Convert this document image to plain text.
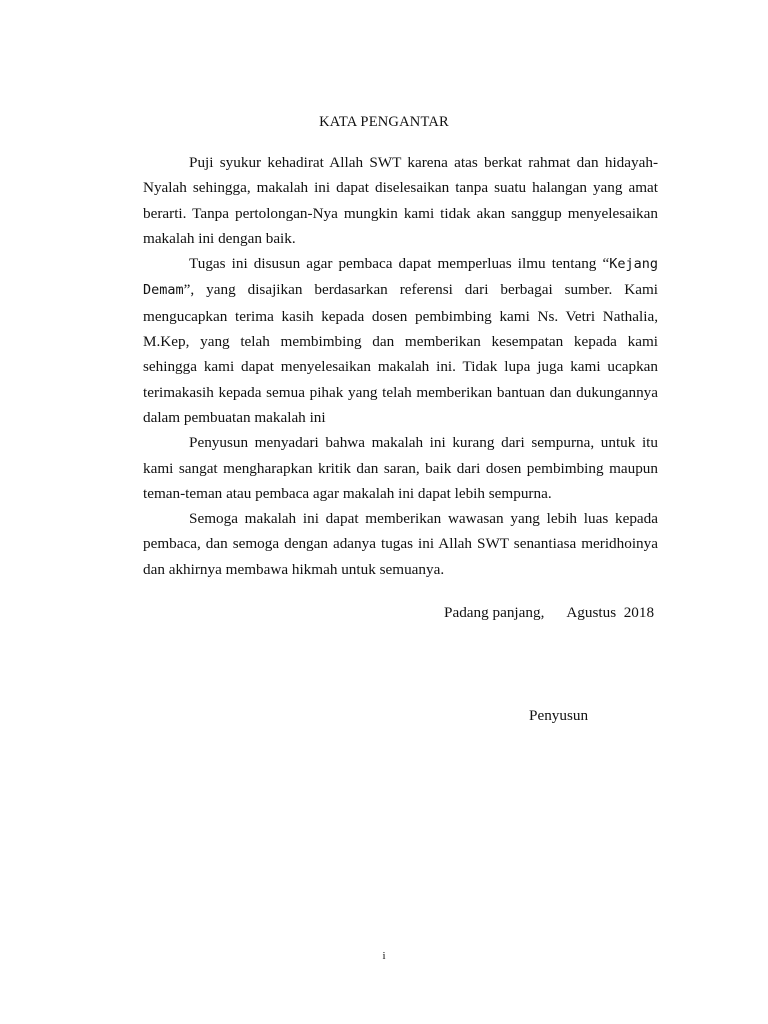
KATA PENGANTAR

Puji syukur kehadirat Allah SWT karena atas berkat rahmat dan hidayah-Nyalah sehingga, makalah ini dapat diselesaikan tanpa suatu halangan yang amat berarti. Tanpa pertolongan-Nya mungkin kami tidak akan sanggup menyelesaikan makalah ini dengan baik.

Tugas ini disusun agar pembaca dapat memperluas ilmu tentang “Kejang Demam”, yang disajikan berdasarkan referensi dari berbagai sumber. Kami mengucapkan terima kasih kepada dosen pembimbing kami Ns. Vetri Nathalia, M.Kep, yang telah membimbing dan memberikan kesempatan kepada kami sehingga kami dapat menyelesaikan makalah ini. Tidak lupa juga kami ucapkan terimakasih kepada semua pihak yang telah memberikan bantuan dan dukungannya dalam pembuatan makalah ini

Penyusun menyadari bahwa makalah ini kurang dari sempurna, untuk itu kami sangat mengharapkan kritik dan saran, baik dari dosen pembimbing maupun teman-teman atau pembaca agar makalah ini dapat lebih sempurna.

Semoga makalah ini dapat memberikan wawasan yang lebih luas kepada pembaca, dan semoga dengan adanya tugas ini Allah SWT senantiasa meridhoinya dan akhirnya membawa hikmah untuk semuanya.

Padang panjang,      Agustus  2018
Penyusun
i
